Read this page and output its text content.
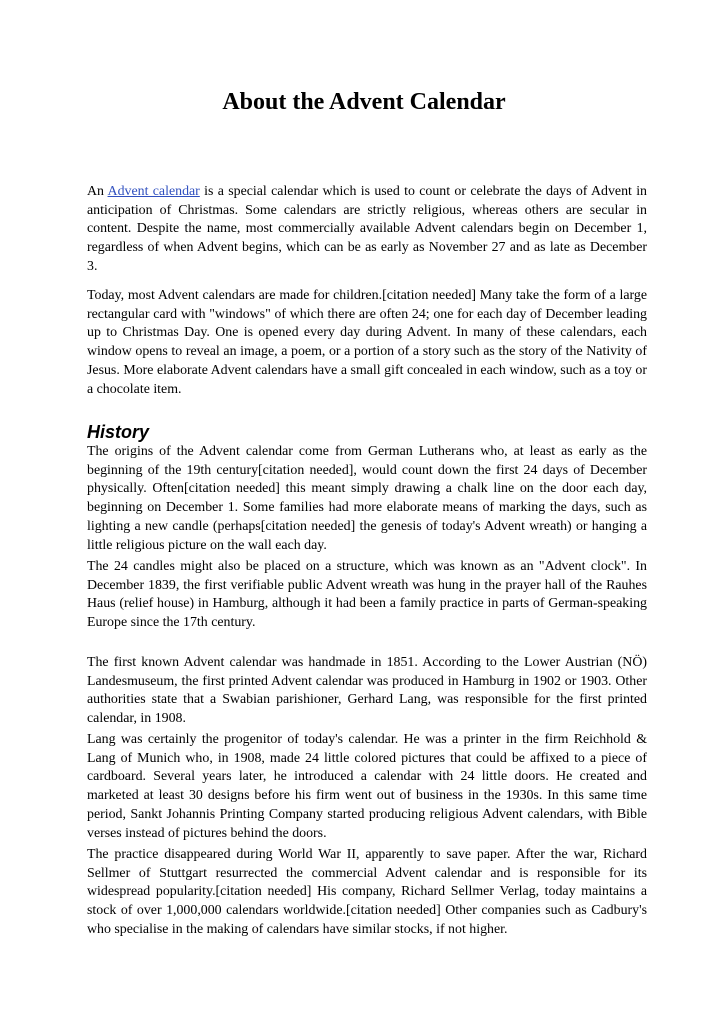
About the Advent Calendar

An Advent calendar is a special calendar which is used to count or celebrate the days of Advent in anticipation of Christmas. Some calendars are strictly religious, whereas others are secular in content. Despite the name, most commercially available Advent calendars begin on December 1, regardless of when Advent begins, which can be as early as November 27 and as late as December 3.

Today, most Advent calendars are made for children.[citation needed] Many take the form of a large rectangular card with "windows" of which there are often 24; one for each day of December leading up to Christmas Day. One is opened every day during Advent. In many of these calendars, each window opens to reveal an image, a poem, or a portion of a story such as the story of the Nativity of Jesus. More elaborate Advent calendars have a small gift concealed in each window, such as a toy or a chocolate item.

History

The origins of the Advent calendar come from German Lutherans who, at least as early as the beginning of the 19th century[citation needed], would count down the first 24 days of December physically. Often[citation needed] this meant simply drawing a chalk line on the door each day, beginning on December 1. Some families had more elaborate means of marking the days, such as lighting a new candle (perhaps[citation needed] the genesis of today's Advent wreath) or hanging a little religious picture on the wall each day.

The 24 candles might also be placed on a structure, which was known as an "Advent clock". In December 1839, the first verifiable public Advent wreath was hung in the prayer hall of the Rauhes Haus (relief house) in Hamburg, although it had been a family practice in parts of German-speaking Europe since the 17th century.

The first known Advent calendar was handmade in 1851. According to the Lower Austrian (NÖ) Landesmuseum, the first printed Advent calendar was produced in Hamburg in 1902 or 1903. Other authorities state that a Swabian parishioner, Gerhard Lang, was responsible for the first printed calendar, in 1908.

Lang was certainly the progenitor of today's calendar. He was a printer in the firm Reichhold & Lang of Munich who, in 1908, made 24 little colored pictures that could be affixed to a piece of cardboard. Several years later, he introduced a calendar with 24 little doors. He created and marketed at least 30 designs before his firm went out of business in the 1930s. In this same time period, Sankt Johannis Printing Company started producing religious Advent calendars, with Bible verses instead of pictures behind the doors.

The practice disappeared during World War II, apparently to save paper. After the war, Richard Sellmer of Stuttgart resurrected the commercial Advent calendar and is responsible for its widespread popularity.[citation needed] His company, Richard Sellmer Verlag, today maintains a stock of over 1,000,000 calendars worldwide.[citation needed] Other companies such as Cadbury's who specialise in the making of calendars have similar stocks, if not higher.
